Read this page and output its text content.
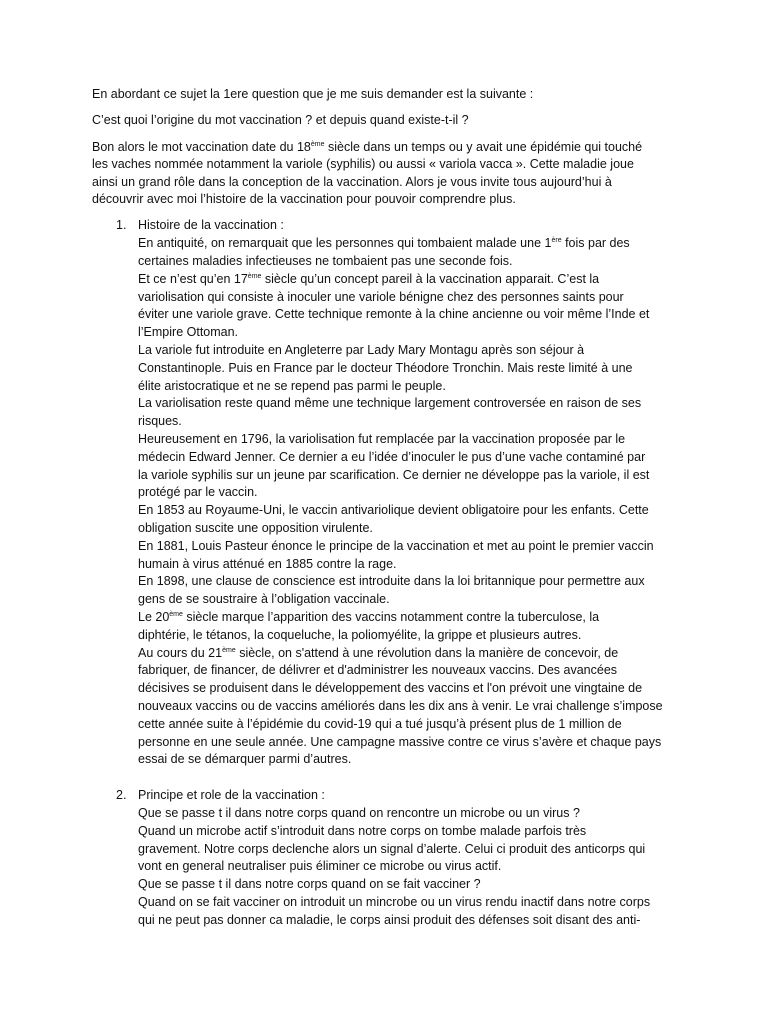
En abordant ce sujet la 1ere question que je me suis demander est la suivante :

C’est quoi l’origine du mot vaccination ? et depuis quand existe-t-il ?

Bon alors le mot vaccination date du 18ème siècle dans un temps ou y avait une épidémie qui touché

les vaches nommée notamment la variole (syphilis) ou aussi « variola vacca ». Cette maladie joue

ainsi un grand rôle dans la conception de la vaccination. Alors je vous invite tous aujourd’hui à

découvrir avec moi l’histoire de la vaccination pour pouvoir comprendre plus.

1. Histoire de la vaccination :

En antiquité, on remarquait que les personnes qui tombaient malade une 1ère fois par des

certaines maladies infectieuses ne tombaient pas une seconde fois.

Et ce n’est qu’en 17ème siècle qu’un concept pareil à la vaccination apparait. C’est la

variolisation qui consiste à inoculer une variole bénigne chez des personnes saints pour

éviter une variole grave. Cette technique remonte à la chine ancienne ou voir même l’Inde et

l’Empire Ottoman.

La variole fut introduite en Angleterre par Lady Mary Montagu après son séjour à

Constantinople. Puis en France par le docteur Théodore Tronchin. Mais reste limité à une

élite aristocratique et ne se repend pas parmi le peuple.

La variolisation reste quand même une technique largement controversée en raison de ses

risques.

Heureusement en 1796, la variolisation fut remplacée par la vaccination proposée par le

médecin Edward Jenner. Ce dernier a eu l’idée d’inoculer le pus d’une vache contaminé par

la variole syphilis sur un jeune par scarification. Ce dernier ne développe pas la variole, il est

protégé par le vaccin.

En 1853 au Royaume-Uni, le vaccin antivariolique devient obligatoire pour les enfants. Cette

obligation suscite une opposition virulente.

En 1881, Louis Pasteur énonce le principe de la vaccination et met au point le premier vaccin

humain à virus atténué en 1885 contre la rage.

En 1898, une clause de conscience est introduite dans la loi britannique pour permettre aux

gens de se soustraire à l’obligation vaccinale.

Le 20ème siècle marque l’apparition des vaccins notamment contre la tuberculose, la

diphtérie, le tétanos, la coqueluche, la poliomyélite, la grippe et plusieurs autres.

Au cours du 21ème siècle, on s'attend à une révolution dans la manière de concevoir, de

fabriquer, de financer, de délivrer et d'administrer les nouveaux vaccins. Des avancées

décisives se produisent dans le développement des vaccins et l'on prévoit une vingtaine de

nouveaux vaccins ou de vaccins améliorés dans les dix ans à venir. Le vrai challenge s’impose

cette année suite à l’épidémie du covid-19 qui a tué jusqu’à présent plus de 1 million de

personne en une seule année. Une campagne massive contre ce virus s’avère et chaque pays

essai de se démarquer parmi d’autres.

2. Principe et role de la vaccination :

Que se passe t il dans notre corps quand on rencontre un microbe ou un virus ?

Quand un microbe actif s’introduit dans notre corps on tombe malade parfois très

gravement. Notre corps declenche alors un signal d’alerte. Celui ci produit des anticorps qui

vont en general neutraliser puis éliminer ce microbe ou virus actif.

Que se passe t il dans notre corps quand on se fait vacciner ?

Quand on se fait vacciner on introduit un mincrobe ou un virus rendu inactif dans notre corps

qui ne peut pas donner ca maladie, le corps ainsi produit des défenses soit disant des anti-
